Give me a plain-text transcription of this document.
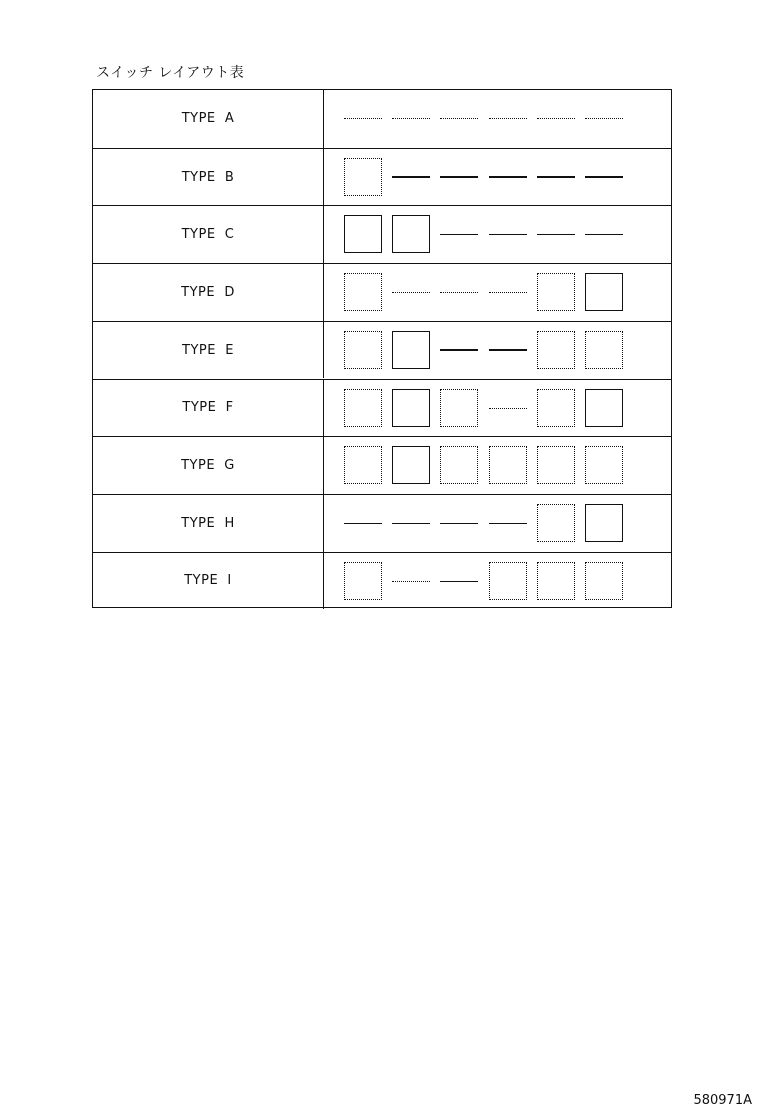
スイッチ レイアウト表
TYPE  A
TYPE  B
TYPE  C
TYPE  D
TYPE  E
TYPE  F
TYPE  G
TYPE  H
TYPE  I
580971A
